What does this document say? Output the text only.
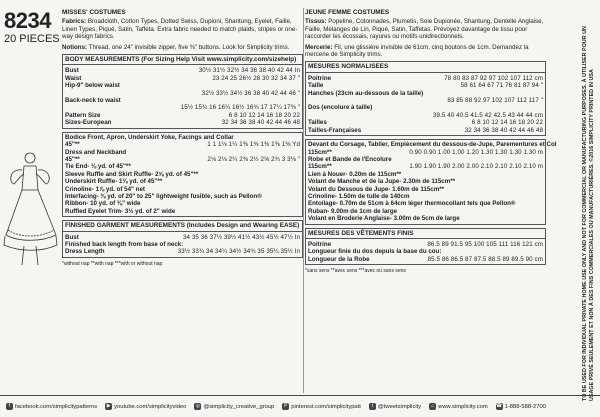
8234
20 PIECES
MISSES' COSTUMES
Fabrics: Broadcloth, Cotton Types, Dotted Swiss, Dupioni, Shantung, Eyelet, Faille, Linen Types, Piqué, Satin, Taffeta. Extra fabric needed to match plaids, stripes or one-way design fabrics.
Notions: Thread, one 24" invisible zipper, five ⅜" buttons. Look for Simplicity trims.
BODY MEASUREMENTS (For Sizing Help Visit www.simplicity.com/sizehelp)
Bust	30½ 31½ 32½ 34 36 38 40 42 44 In
Waist	23 24 25 26½ 28 30 32 34 37 "
Hip-9" below waist
32½ 33½ 34½ 36 38 40 42 44 46 "
Back-neck to waist
15½ 15¾ 16 16¼ 16½ 16¾ 17 17¼ 17⅜ "
Pattern Size	6 8 10 12 14 16 18 20 22
Sizes-European	32 34 36 38 40 42 44 46 48
Bodice Front, Apron, Underskirt Yoke, Facings and Collar
45"**	1 1 1⅛ 1¼ 1⅜ 1⅜ 1⅜ 1⅜ 1⅜ Yd
Dress and Neckband
45"**	2⅛ 2⅛ 2¼ 2⅜ 2½ 2⅝ 2¾ 3 3⅛ "
Tie End- ⅛ yd. of 45"**
Sleeve Ruffle and Skirt Ruffle- 2⅝ yd. of 45"**
Underskirt Ruffle- 1⅜ yd. of 45"**
Crinoline- 1⅞ yd. of 54" net
Interfacing- ⅜ yd. of 20" to 25" lightweight fusible, such as Pellon®
Ribbon- 10 yd. of ⅜" wide
Ruffled Eyelet Trim- 3½ yd. of 2" wide
FINISHED GARMENT MEASUREMENTS (Includes Design and Wearing EASE)
Bust	34 35 36 37½ 39½ 41½ 43½ 45½ 47½ In
Finished back length from base of neck:
Dress Length	33½ 33¾ 34 34¼ 34½ 34¾ 35 35¼ 35½ In
*without nap **with nap ***with or without nap
JEUNE FEMME COSTUMES
Tissus: Popeline, Cotonnades, Plumetis, Soie Dupionée, Shantung, Dentelle Anglaise, Faille, Mélanges de Lin, Piqué, Satin, Taffetas. Prévoyez davantage de tissu pour raccorder les écossais, rayures ou motifs unidirectionnels.
Mercerie: Fil, une glissière invisible de 61cm, cinq boutons de 1cm. Demandez la mercerie de Simplicity trims.
MESURES NORMALISEES
Poitrine	78 80 83 87 92 97 102 107 112 cm
Taille	58 61 64 67 71 76 81 87 94 "
Hanches (23cm au-dessous de la taille)
83 85 88 92 97 102 107 112 117 "
Dos (encolure à taille)
39.5 40 40.5 41.5 42 42.5 43 44 44 cm
Tailles	6 8 10 12 14 16 18 20 22
Tailles-Françaises	32 34 36 38 40 42 44 46 48
Devant du Corsage, Tablier, Empiècement du dessous-de-Jupe, Parementures et Col
115cm**	0.90 0.90 1.00 1.00 1.20 1.30 1.30 1.30 1.30 m
Robe et Bande de l'Encolure
115cm**	1.90 1.90 1.90 2.00 2.00 2.10 2.10 2.10 2.10 m
Lien à Nouer- 0.20m de 115cm**
Volant de Manche et de la Jupe- 2.30m de 115cm**
Volant du Dessous de Jupe- 1.60m de 115cm**
Crinoline- 1.50m de tulle de 140cm
Entoilage- 0.70m de 51cm à 64cm léger thermocollant tels que Pellon®
Ruban- 9.00m de 1cm de large
Volant en Broderie Anglaise- 3.00m de 5cm de large
MESURES DES VÊTEMENTS FINIS
Poitrine	86.5 89 91.5 95 100 105 111 116 121 cm
Longueur finie du dos depuis la base du cou:
Longueur de la Robe	85.5 86 86.5 87 87.5 88.5 89 89.5 90 cm
*sans sens **avec sens ***avec ou sans sens	TO BE USED FOR INDIVIDUAL PRIVATE HOME USE ONLY AND NOT FOR COMMERCIAL OR MANUFACTURING PURPOSES. À UTILISER POUR UN USAGE PRIVÉ SEULEMENT ET NON À DES FINS COMMERCIALES OU MANUFACTURIÈRES. ©2016 SIMPLICITY PRINTED IN USA
f facebook.com/simplicitypatterns	▶ youtube.com/simplicityvideo ◎ @simplicity_creative_group	P pinterest.com/simplicitypatt	t @tweetsimplicity	⌂ www.simplicity.com ☎ 1-888-588-2700
